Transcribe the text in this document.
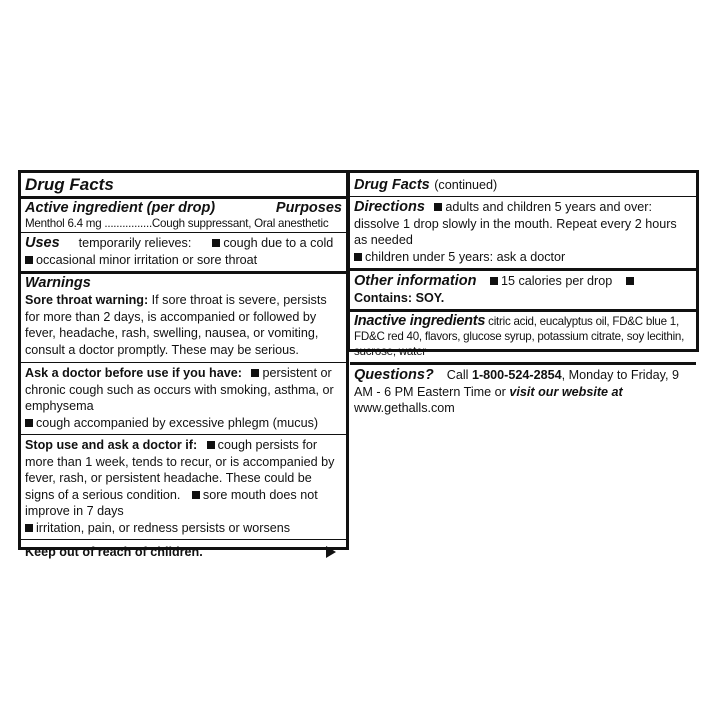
Drug Facts
Active ingredient (per drop)	Purposes
Menthol 6.4 mg ................Cough suppressant, Oral anesthetic
Uses temporarily relieves:	cough due to a cold
occasional minor irritation or sore throat
Warnings
Sore throat warning: If sore throat is severe, persists for more than 2 days, is accompanied or followed by fever, headache, rash, swelling, nausea, or vomiting, consult a doctor promptly. These may be serious.
Ask a doctor before use if you have: persistent or chronic cough such as occurs with smoking, asthma, or emphysema
cough accompanied by excessive phlegm (mucus)
Stop use and ask a doctor if: cough persists for more than 1 week, tends to recur, or is accompanied by fever, rash, or persistent headache. These could be signs of a serious condition. sore mouth does not improve in 7 days
irritation, pain, or redness persists or worsens
Keep out of reach of children.
Drug Facts (continued)
Directions adults and children 5 years and over: dissolve 1 drop slowly in the mouth. Repeat every 2 hours as needed
children under 5 years: ask a doctor
Other information 15 calories per drop Contains: SOY.
Inactive ingredients citric acid, eucalyptus oil, FD&C blue 1, FD&C red 40, flavors, glucose syrup, potassium citrate, soy lecithin, sucrose, water
Questions? Call 1-800-524-2854, Monday to Friday, 9 AM - 6 PM Eastern Time or visit our website at www.gethalls.com
